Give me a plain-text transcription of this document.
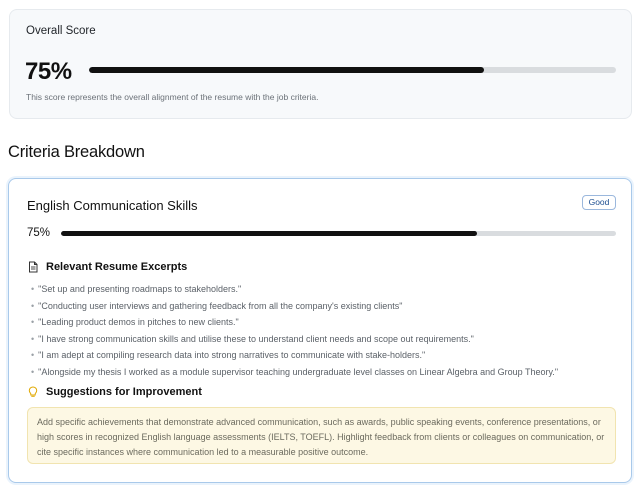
Overall Score
75%
This score represents the overall alignment of the resume with the job criteria.
Criteria Breakdown
English Communication Skills	Good
75%
Relevant Resume Excerpts
• "Set up and presenting roadmaps to stakeholders."
• "Conducting user interviews and gathering feedback from all the company's existing clients"
• "Leading product demos in pitches to new clients."
• "I have strong communication skills and utilise these to understand client needs and scope out requirements."
• "I am adept at compiling research data into strong narratives to communicate with stake-holders."
• "Alongside my thesis I worked as a module supervisor teaching undergraduate level classes on Linear Algebra and Group Theory."
Suggestions for Improvement
Add specific achievements that demonstrate advanced communication, such as awards, public speaking events, conference presentations, or high scores in recognized English language assessments (IELTS, TOEFL). Highlight feedback from clients or colleagues on communication, or cite specific instances where communication led to a measurable positive outcome.
